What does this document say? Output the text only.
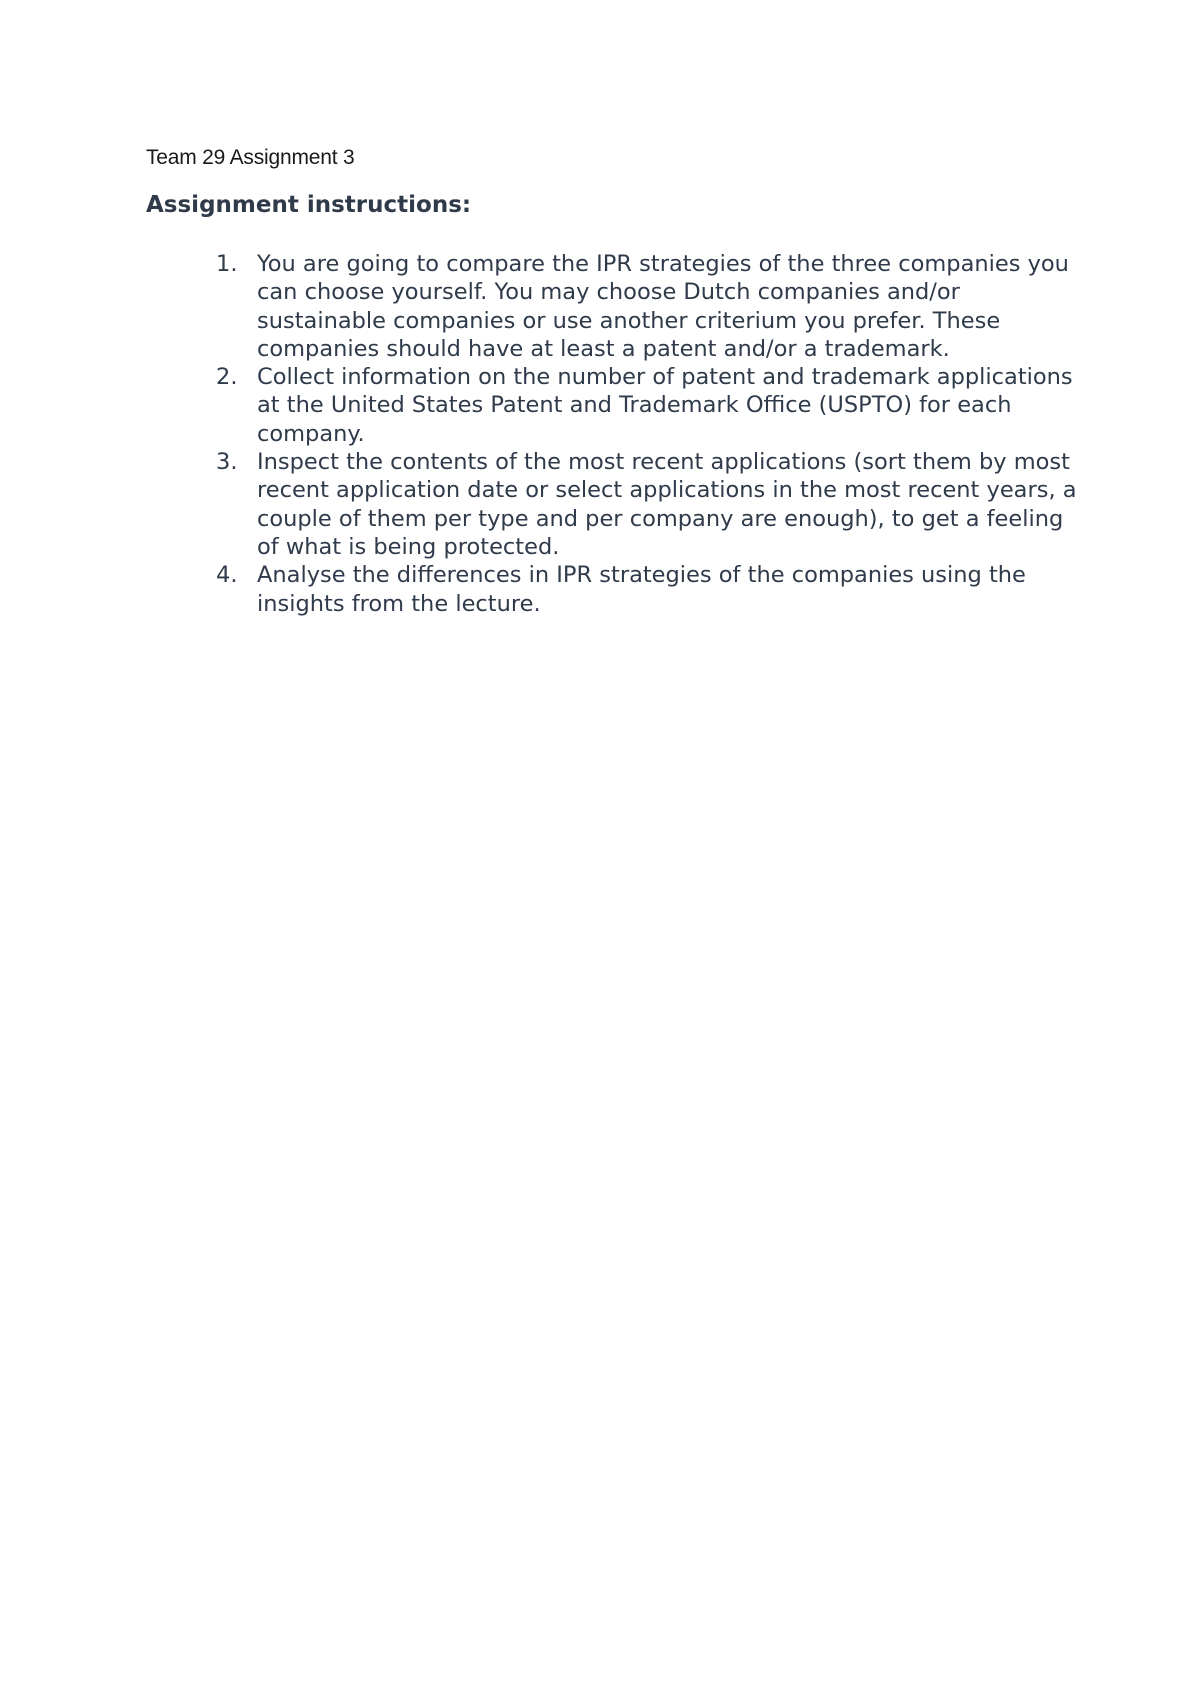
Team 29 Assignment 3
Assignment instructions:
1. You are going to compare the IPR strategies of the three companies you can choose yourself. You may choose Dutch companies and/or sustainable companies or use another criterium you prefer. These companies should have at least a patent and/or a trademark.
2. Collect information on the number of patent and trademark applications at the United States Patent and Trademark Office (USPTO) for each company.
3. Inspect the contents of the most recent applications (sort them by most recent application date or select applications in the most recent years, a couple of them per type and per company are enough), to get a feeling of what is being protected.
4. Analyse the differences in IPR strategies of the companies using the insights from the lecture.
